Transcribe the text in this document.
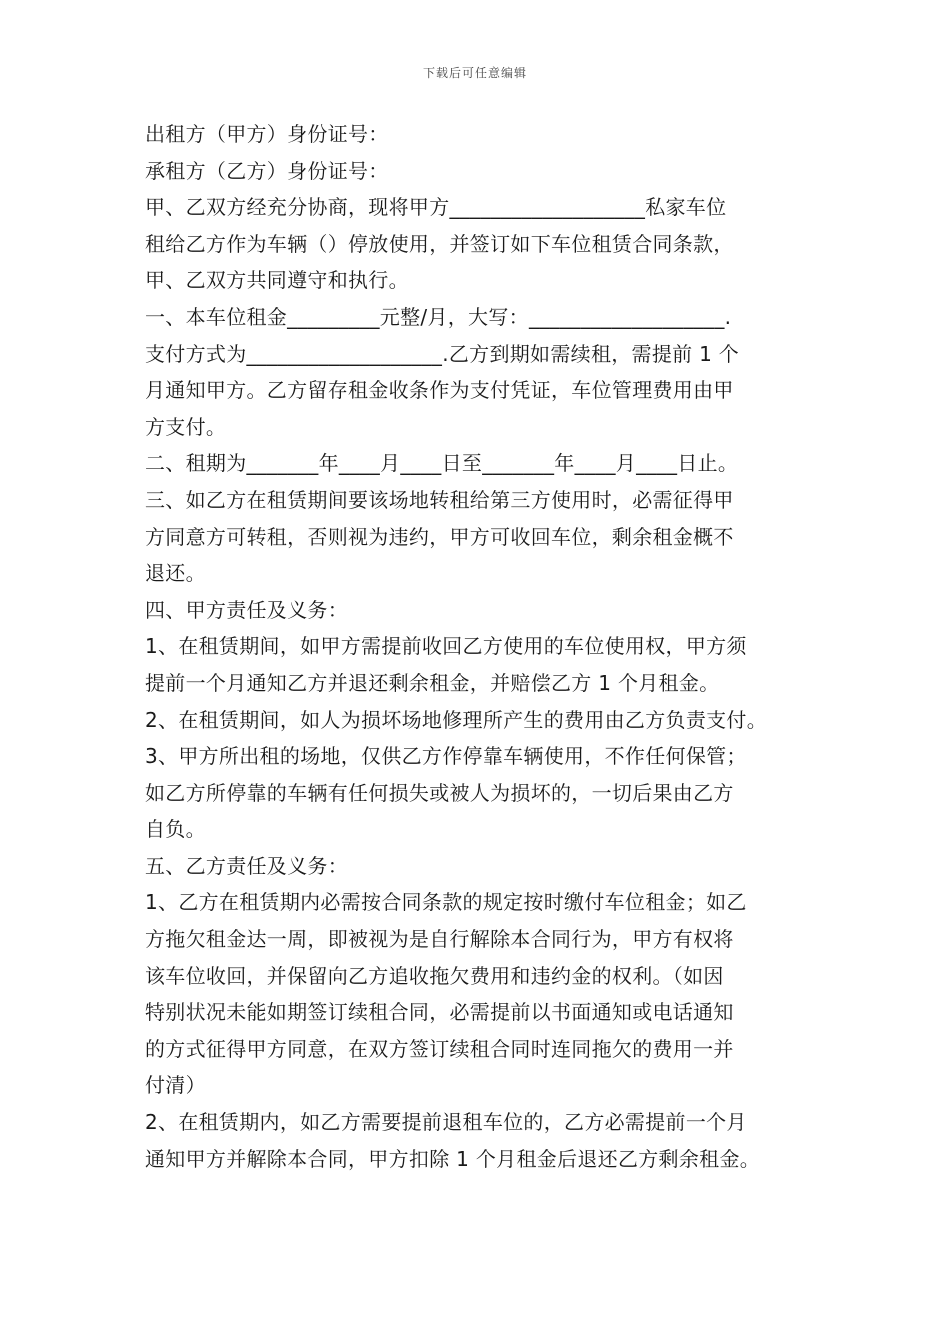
下载后可任意编辑
出租方（甲方）身份证号：
承租方（乙方）身份证号：
甲、乙双方经充分协商，现将甲方___________________私家车位
租给乙方作为车辆（）停放使用，并签订如下车位租赁合同条款，
甲、乙双方共同遵守和执行。
一、本车位租金_________元整/月，大写：___________________.
支付方式为___________________.乙方到期如需续租，需提前 1 个
月通知甲方。乙方留存租金收条作为支付凭证，车位管理费用由甲
方支付。
二、租期为_______年____月____日至_______年____月____日止。
三、如乙方在租赁期间要该场地转租给第三方使用时，必需征得甲
方同意方可转租，否则视为违约，甲方可收回车位，剩余租金概不
退还。
四、甲方责任及义务：
1、在租赁期间，如甲方需提前收回乙方使用的车位使用权，甲方须
提前一个月通知乙方并退还剩余租金，并赔偿乙方 1 个月租金。
2、在租赁期间，如人为损坏场地修理所产生的费用由乙方负责支付。
3、甲方所出租的场地，仅供乙方作停靠车辆使用，不作任何保管；
如乙方所停靠的车辆有任何损失或被人为损坏的，一切后果由乙方
自负。
五、乙方责任及义务：
1、乙方在租赁期内必需按合同条款的规定按时缴付车位租金；如乙
方拖欠租金达一周，即被视为是自行解除本合同行为，甲方有权将
该车位收回，并保留向乙方追收拖欠费用和违约金的权利。（如因
特别状况未能如期签订续租合同，必需提前以书面通知或电话通知
的方式征得甲方同意，在双方签订续租合同时连同拖欠的费用一并
付清）
2、在租赁期内，如乙方需要提前退租车位的，乙方必需提前一个月
通知甲方并解除本合同，甲方扣除 1 个月租金后退还乙方剩余租金。
